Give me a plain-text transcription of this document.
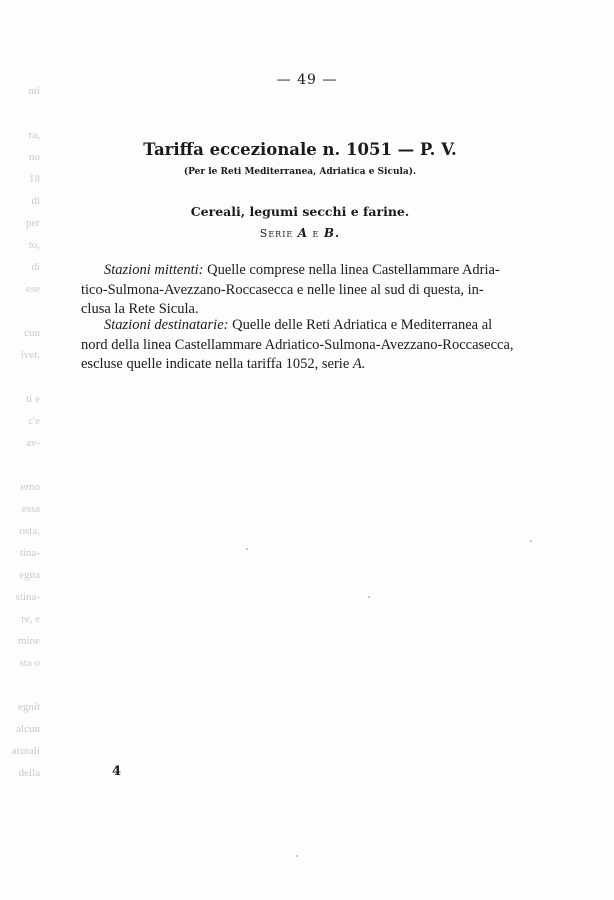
nti

ra,
no
18
di
per
to,
di
ese

cun
ivet.

ti e
c'e
av-

erno
essa
osta,
tina-
egna
stina-
re, e
mine
sta o

egnit
alcun
aturali
della
— 49 —
Tariffa eccezionale n. 1051 — P. V.
(Per le Reti Mediterranea, Adriatica e Sicula).
Cereali, legumi secchi e farine.
Serie A e B.
Stazioni mittenti: Quelle comprese nella linea Castellammare Adria-
tico-Sulmona-Avezzano-Roccasecca e nelle linee al sud di questa, in-
clusa la Rete Sicula.
Stazioni destinatarie: Quelle delle Reti Adriatica e Mediterranea al
nord della linea Castellammare Adriatico-Sulmona-Avezzano-Roccasecca,
escluse quelle indicate nella tariffa 1052, serie A.
4
